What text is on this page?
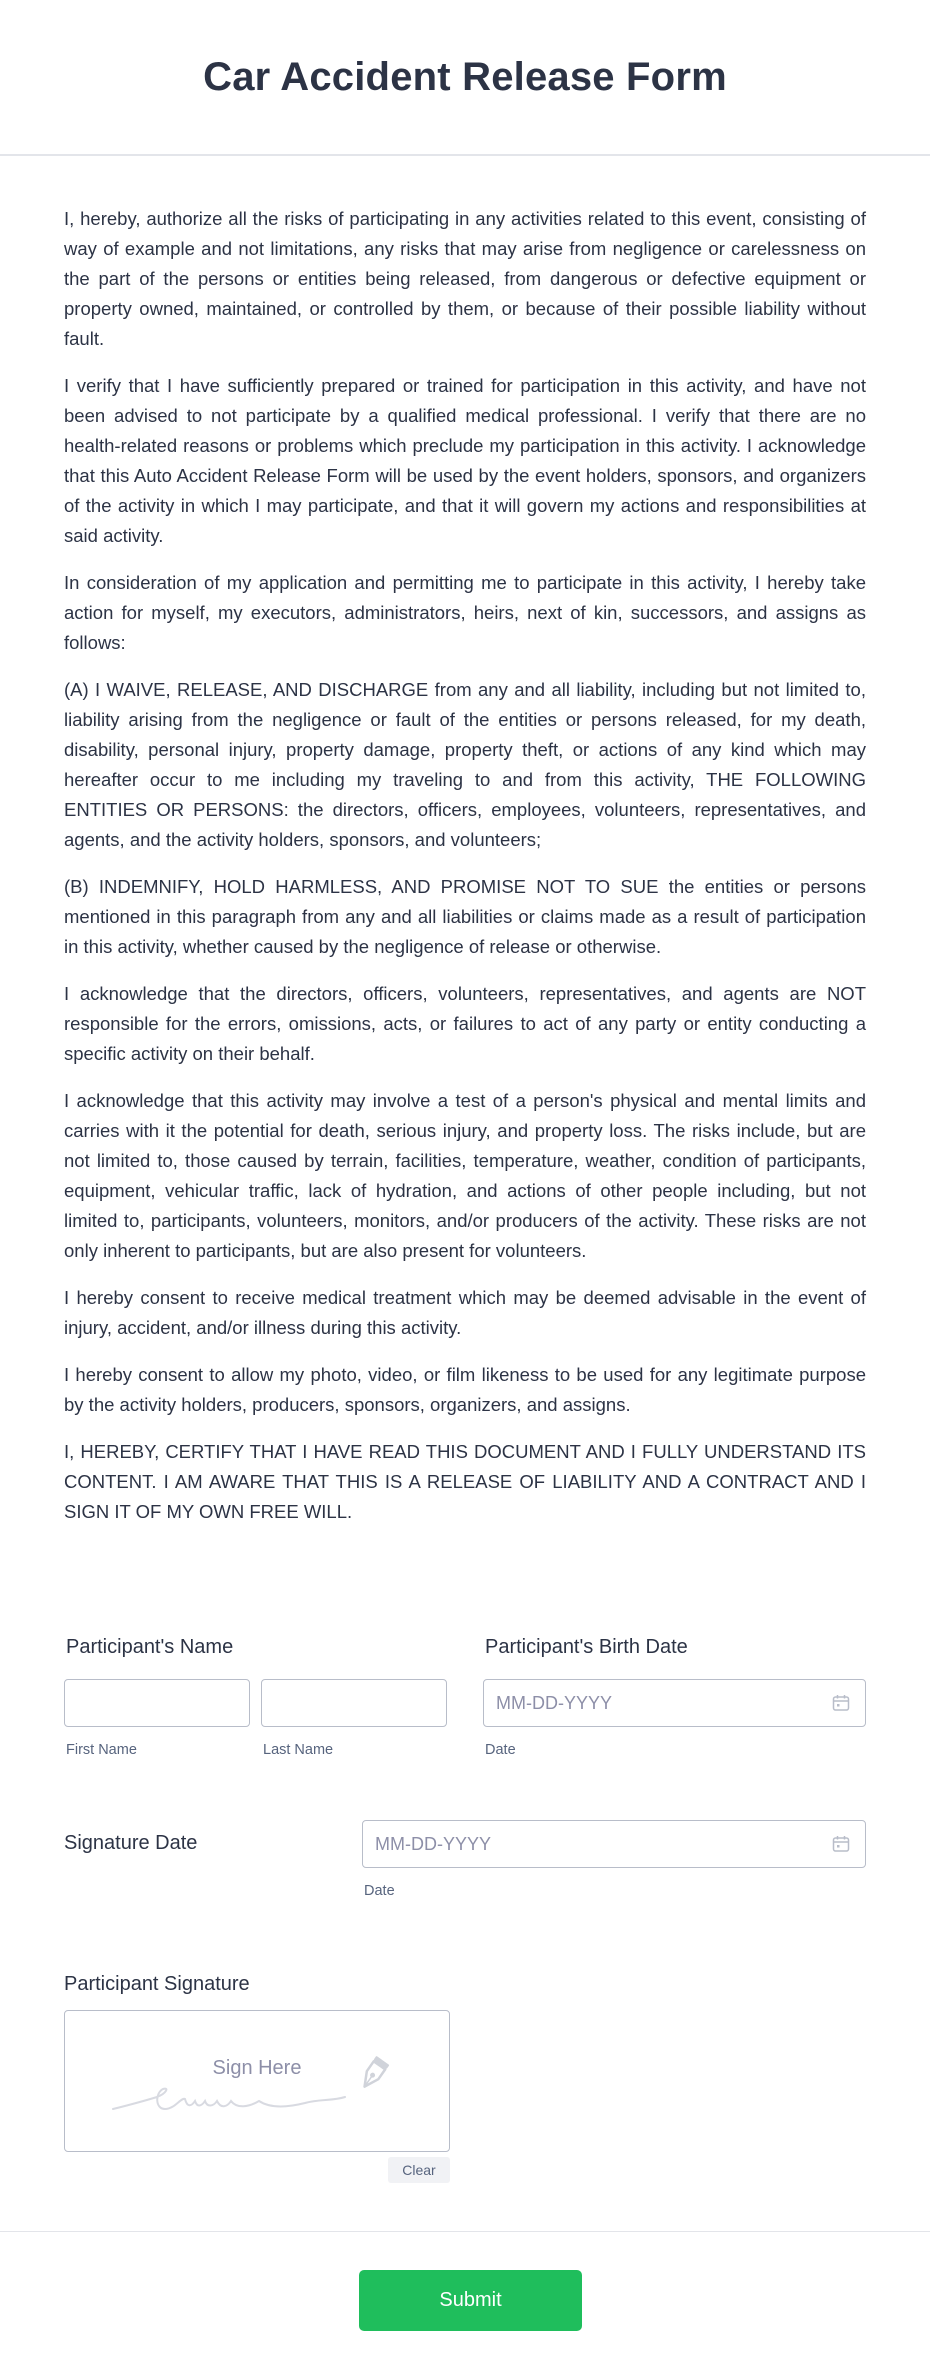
Car Accident Release Form

I, hereby, authorize all the risks of participating in any activities related to this event, consisting of way of example and not limitations, any risks that may arise from negligence or carelessness on the part of the persons or entities being released, from dangerous or defective equipment or property owned, maintained, or controlled by them, or because of their possible liability without fault.

I verify that I have sufficiently prepared or trained for participation in this activity, and have not been advised to not participate by a qualified medical professional. I verify that there are no health-related reasons or problems which preclude my participation in this activity. I acknowledge that this Auto Accident Release Form will be used by the event holders, sponsors, and organizers of the activity in which I may participate, and that it will govern my actions and responsibilities at said activity.

In consideration of my application and permitting me to participate in this activity, I hereby take action for myself, my executors, administrators, heirs, next of kin, successors, and assigns as follows:

(A) I WAIVE, RELEASE, AND DISCHARGE from any and all liability, including but not limited to, liability arising from the negligence or fault of the entities or persons released, for my death, disability, personal injury, property damage, property theft, or actions of any kind which may hereafter occur to me including my traveling to and from this activity, THE FOLLOWING ENTITIES OR PERSONS: the directors, officers, employees, volunteers, representatives, and agents, and the activity holders, sponsors, and volunteers;

(B) INDEMNIFY, HOLD HARMLESS, AND PROMISE NOT TO SUE the entities or persons mentioned in this paragraph from any and all liabilities or claims made as a result of participation in this activity, whether caused by the negligence of release or otherwise.

I acknowledge that the directors, officers, volunteers, representatives, and agents are NOT responsible for the errors, omissions, acts, or failures to act of any party or entity conducting a specific activity on their behalf.

I acknowledge that this activity may involve a test of a person's physical and mental limits and carries with it the potential for death, serious injury, and property loss. The risks include, but are not limited to, those caused by terrain, facilities, temperature, weather, condition of participants, equipment, vehicular traffic, lack of hydration, and actions of other people including, but not limited to, participants, volunteers, monitors, and/or producers of the activity. These risks are not only inherent to participants, but are also present for volunteers.

I hereby consent to receive medical treatment which may be deemed advisable in the event of injury, accident, and/or illness during this activity.

I hereby consent to allow my photo, video, or film likeness to be used for any legitimate purpose by the activity holders, producers, sponsors, organizers, and assigns.

I, HEREBY, CERTIFY THAT I HAVE READ THIS DOCUMENT AND I FULLY UNDERSTAND ITS CONTENT. I AM AWARE THAT THIS IS A RELEASE OF LIABILITY AND A CONTRACT AND I SIGN IT OF MY OWN FREE WILL.

Participant's Name
First Name	Last Name
Participant's Birth Date
MM-DD-YYYY
Date
Signature Date
MM-DD-YYYY
Date
Participant Signature
Sign Here
Clear
Submit
